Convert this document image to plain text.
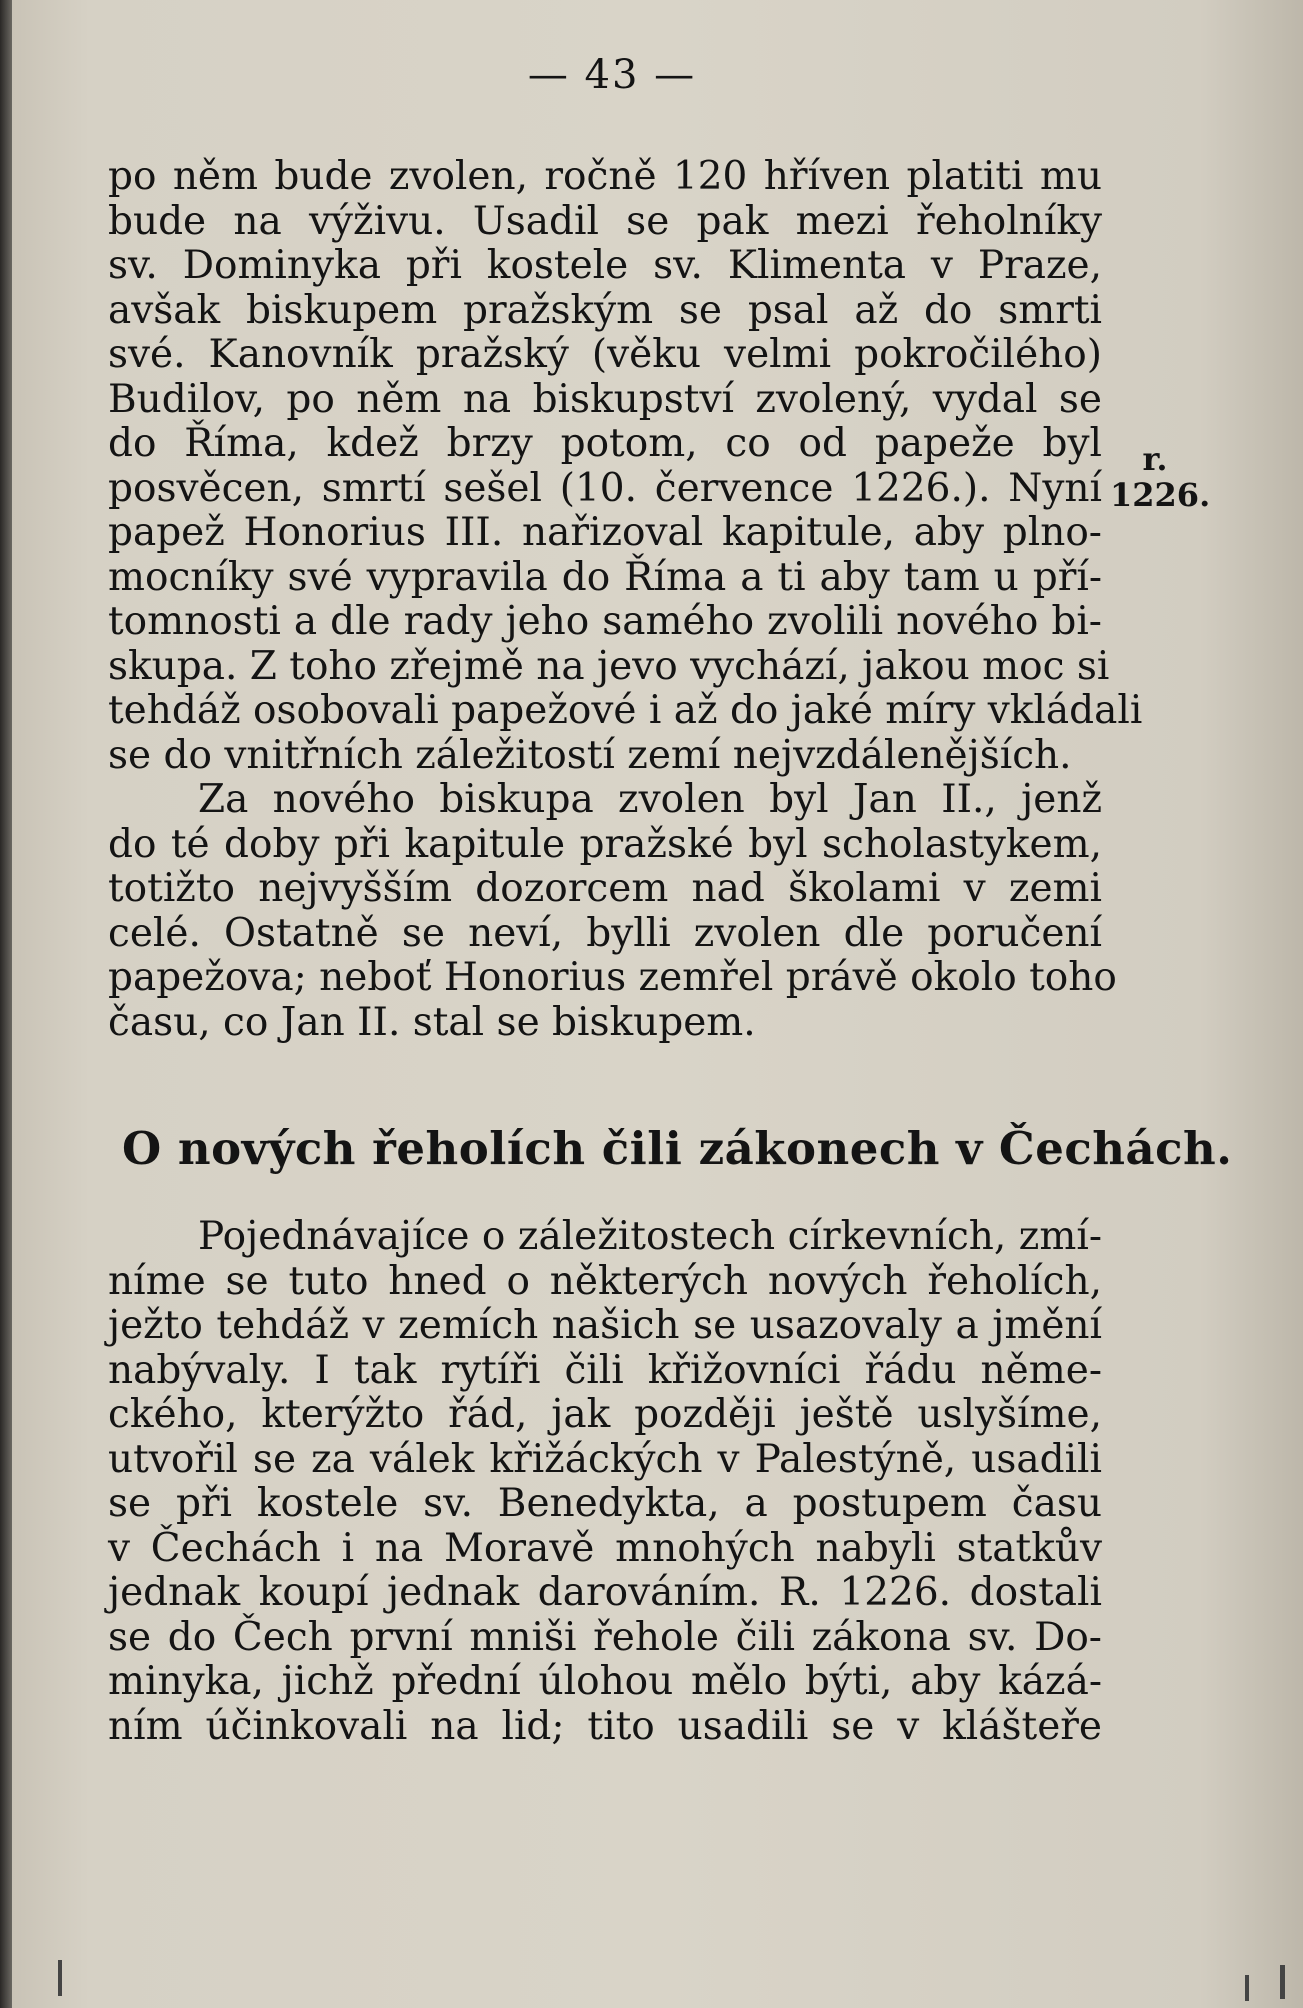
— 43 —
po něm bude zvolen, ročně 120 hříven platiti mu
bude na výživu. Usadil se pak mezi řeholníky
sv. Dominyka při kostele sv. Klimenta v Praze,
avšak biskupem pražským se psal až do smrti
své. Kanovník pražský (věku velmi pokročilého)
Budilov, po něm na biskupství zvolený, vydal se
do Říma, kdež brzy potom, co od papeže byl
posvěcen, smrtí sešel (10. července 1226.). Nyní
papež Honorius III. nařizoval kapitule, aby plno-
mocníky své vypravila do Říma a ti aby tam u pří-
tomnosti a dle rady jeho samého zvolili nového bi-
skupa. Z toho zřejmě na jevo vychází, jakou moc si
tehdáž osobovali papežové i až do jaké míry vkládali
se do vnitřních záležitostí zemí nejvzdálenějších.
Za nového biskupa zvolen byl Jan II., jenž
do té doby při kapitule pražské byl scholastykem,
totižto nejvyšším dozorcem nad školami v zemi
celé. Ostatně se neví, bylli zvolen dle poručení
papežova; neboť Honorius zemřel právě okolo toho
času, co Jan II. stal se biskupem.
r.
1226.
O nových řeholích čili zákonech v Čechách.
Pojednávajíce o záležitostech církevních, zmí-
níme se tuto hned o některých nových řeholích,
ježto tehdáž v zemích našich se usazovaly a jmění
nabývaly. I tak rytíři čili křižovníci řádu něme-
ckého, kterýžto řád, jak později ještě uslyšíme,
utvořil se za válek křižáckých v Palestýně, usadili
se při kostele sv. Benedykta, a postupem času
v Čechách i na Moravě mnohých nabyli statkův
jednak koupí jednak darováním. R. 1226. dostali
se do Čech první mniši řehole čili zákona sv. Do-
minyka, jichž přední úlohou mělo býti, aby kázá-
ním účinkovali na lid; tito usadili se v klášteře
